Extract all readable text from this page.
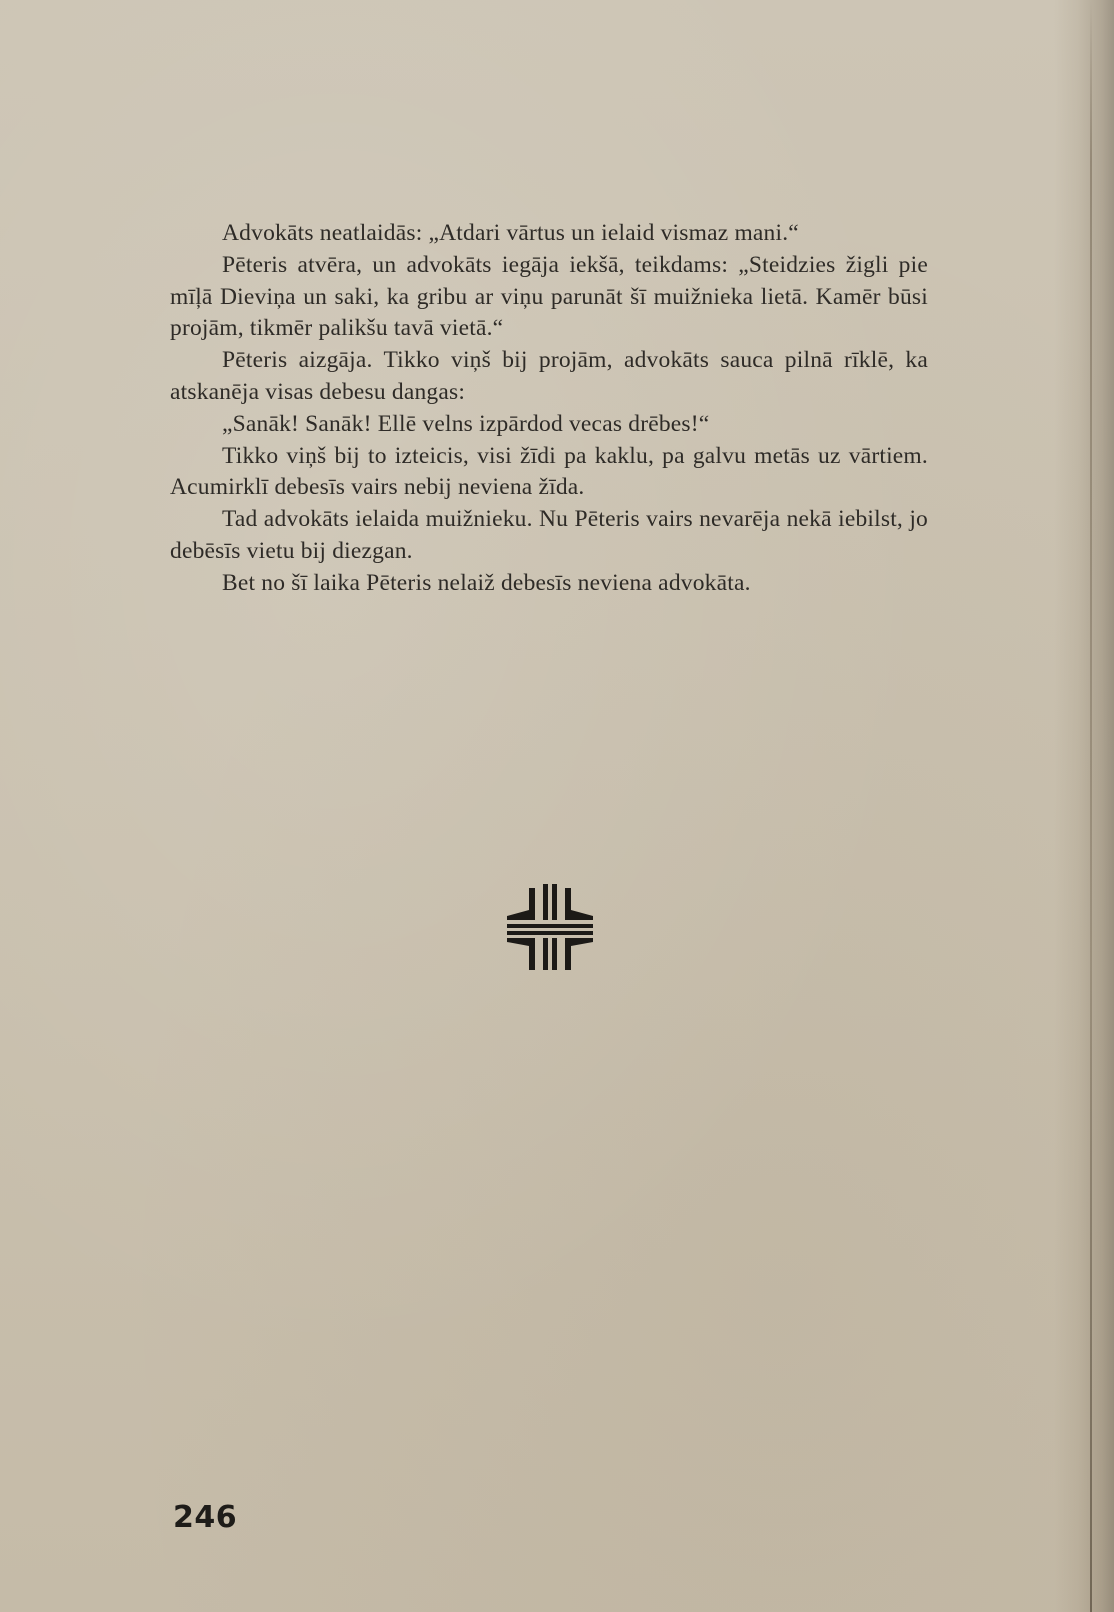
Advokāts neatlaidās: „Atdari vārtus un ielaid vismaz mani.“

Pēteris atvēra, un advokāts iegāja iekšā, teikdams: „Steidzies žigli pie mīļā Dieviņa un saki, ka gribu ar viņu parunāt šī muižnieka lietā. Kamēr būsi projām, tikmēr palikšu tavā vietā.“

Pēteris aizgāja. Tikko viņš bij projām, advokāts sauca pilnā rīklē, ka atskanēja visas debesu dangas:

„Sanāk! Sanāk! Ellē velns izpārdod vecas drēbes!“

Tikko viņš bij to izteicis, visi žīdi pa kaklu, pa galvu metās uz vārtiem. Acumirklī debesīs vairs nebij neviena žīda.

Tad advokāts ielaida muižnieku. Nu Pēteris vairs nevarēja nekā iebilst, jo debēsīs vietu bij diezgan.

Bet no šī laika Pēteris nelaiž debesīs neviena advokāta.

246
